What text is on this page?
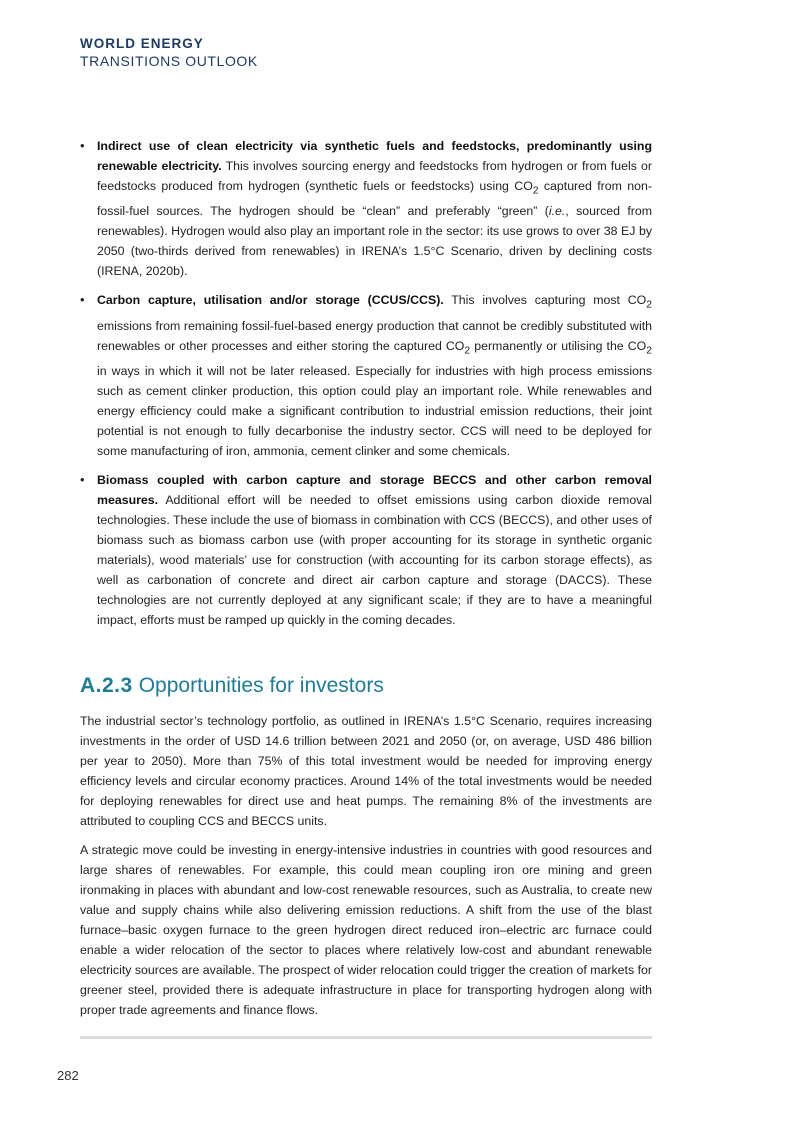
WORLD ENERGY
TRANSITIONS OUTLOOK
• Indirect use of clean electricity via synthetic fuels and feedstocks, predominantly using renewable electricity. This involves sourcing energy and feedstocks from hydrogen or from fuels or feedstocks produced from hydrogen (synthetic fuels or feedstocks) using $CO_2$ captured from non-fossil-fuel sources. The hydrogen should be “clean” and preferably “green” (i.e., sourced from renewables). Hydrogen would also play an important role in the sector: its use grows to over 38 EJ by 2050 (two-thirds derived from renewables) in IRENA’s 1.5°C Scenario, driven by declining costs (IRENA, 2020b).
• Carbon capture, utilisation and/or storage (CCUS/CCS). This involves capturing most $CO_2$ emissions from remaining fossil-fuel-based energy production that cannot be credibly substituted with renewables or other processes and either storing the captured $CO_2$ permanently or utilising the $CO_2$ in ways in which it will not be later released. Especially for industries with high process emissions such as cement clinker production, this option could play an important role. While renewables and energy efficiency could make a significant contribution to industrial emission reductions, their joint potential is not enough to fully decarbonise the industry sector. CCS will need to be deployed for some manufacturing of iron, ammonia, cement clinker and some chemicals.
• Biomass coupled with carbon capture and storage BECCS and other carbon removal measures. Additional effort will be needed to offset emissions using carbon dioxide removal technologies. These include the use of biomass in combination with CCS (BECCS), and other uses of biomass such as biomass carbon use (with proper accounting for its storage in synthetic organic materials), wood materials’ use for construction (with accounting for its carbon storage effects), as well as carbonation of concrete and direct air carbon capture and storage (DACCS). These technologies are not currently deployed at any significant scale; if they are to have a meaningful impact, efforts must be ramped up quickly in the coming decades.
A.2.3 Opportunities for investors

The industrial sector’s technology portfolio, as outlined in IRENA’s 1.5°C Scenario, requires increasing investments in the order of USD 14.6 trillion between 2021 and 2050 (or, on average, USD 486 billion per year to 2050). More than 75% of this total investment would be needed for improving energy efficiency levels and circular economy practices. Around 14% of the total investments would be needed for deploying renewables for direct use and heat pumps. The remaining 8% of the investments are attributed to coupling CCS and BECCS units.

A strategic move could be investing in energy-intensive industries in countries with good resources and large shares of renewables. For example, this could mean coupling iron ore mining and green ironmaking in places with abundant and low-cost renewable resources, such as Australia, to create new value and supply chains while also delivering emission reductions. A shift from the use of the blast furnace–basic oxygen furnace to the green hydrogen direct reduced iron–electric arc furnace could enable a wider relocation of the sector to places where relatively low-cost and abundant renewable electricity sources are available. The prospect of wider relocation could trigger the creation of markets for greener steel, provided there is adequate infrastructure in place for transporting hydrogen along with proper trade agreements and finance flows.

282
